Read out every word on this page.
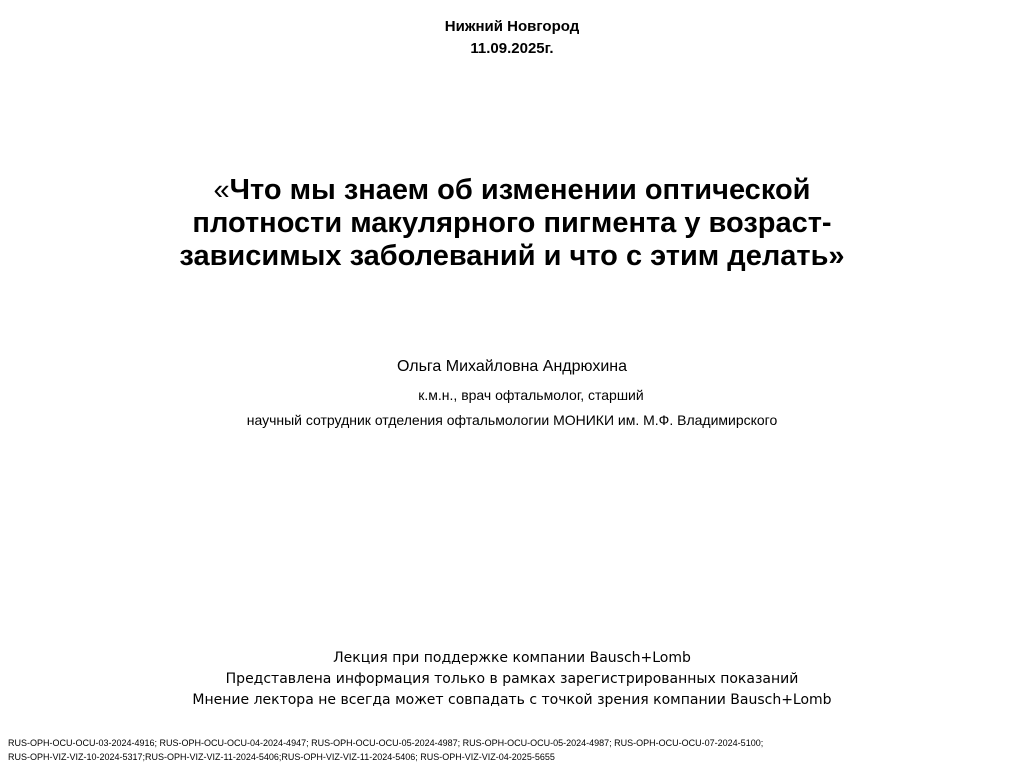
Нижний Новгород
11.09.2025г.
«Что мы знаем об изменении оптической
плотности макулярного пигмента у возраст-
зависимых заболеваний и что с этим делать»
Ольга Михайловна Андрюхина
к.м.н., врач офтальмолог, старший
научный сотрудник отделения офтальмологии МОНИКИ им. М.Ф. Владимирского
Лекция при поддержке компании Bausch+Lomb
Представлена информация только в рамках зарегистрированных показаний
Мнение лектора не всегда может совпадать с точкой зрения компании Bausch+Lomb
RUS-OPH-OCU-OCU-03-2024-4916; RUS-OPH-OCU-OCU-04-2024-4947; RUS-OPH-OCU-OCU-05-2024-4987; RUS-OPH-OCU-OCU-05-2024-4987; RUS-OPH-OCU-OCU-07-2024-5100;
RUS-OPH-VIZ-VIZ-10-2024-5317;RUS-OPH-VIZ-VIZ-11-2024-5406;RUS-OPH-VIZ-VIZ-11-2024-5406; RUS-OPH-VIZ-VIZ-04-2025-5655
